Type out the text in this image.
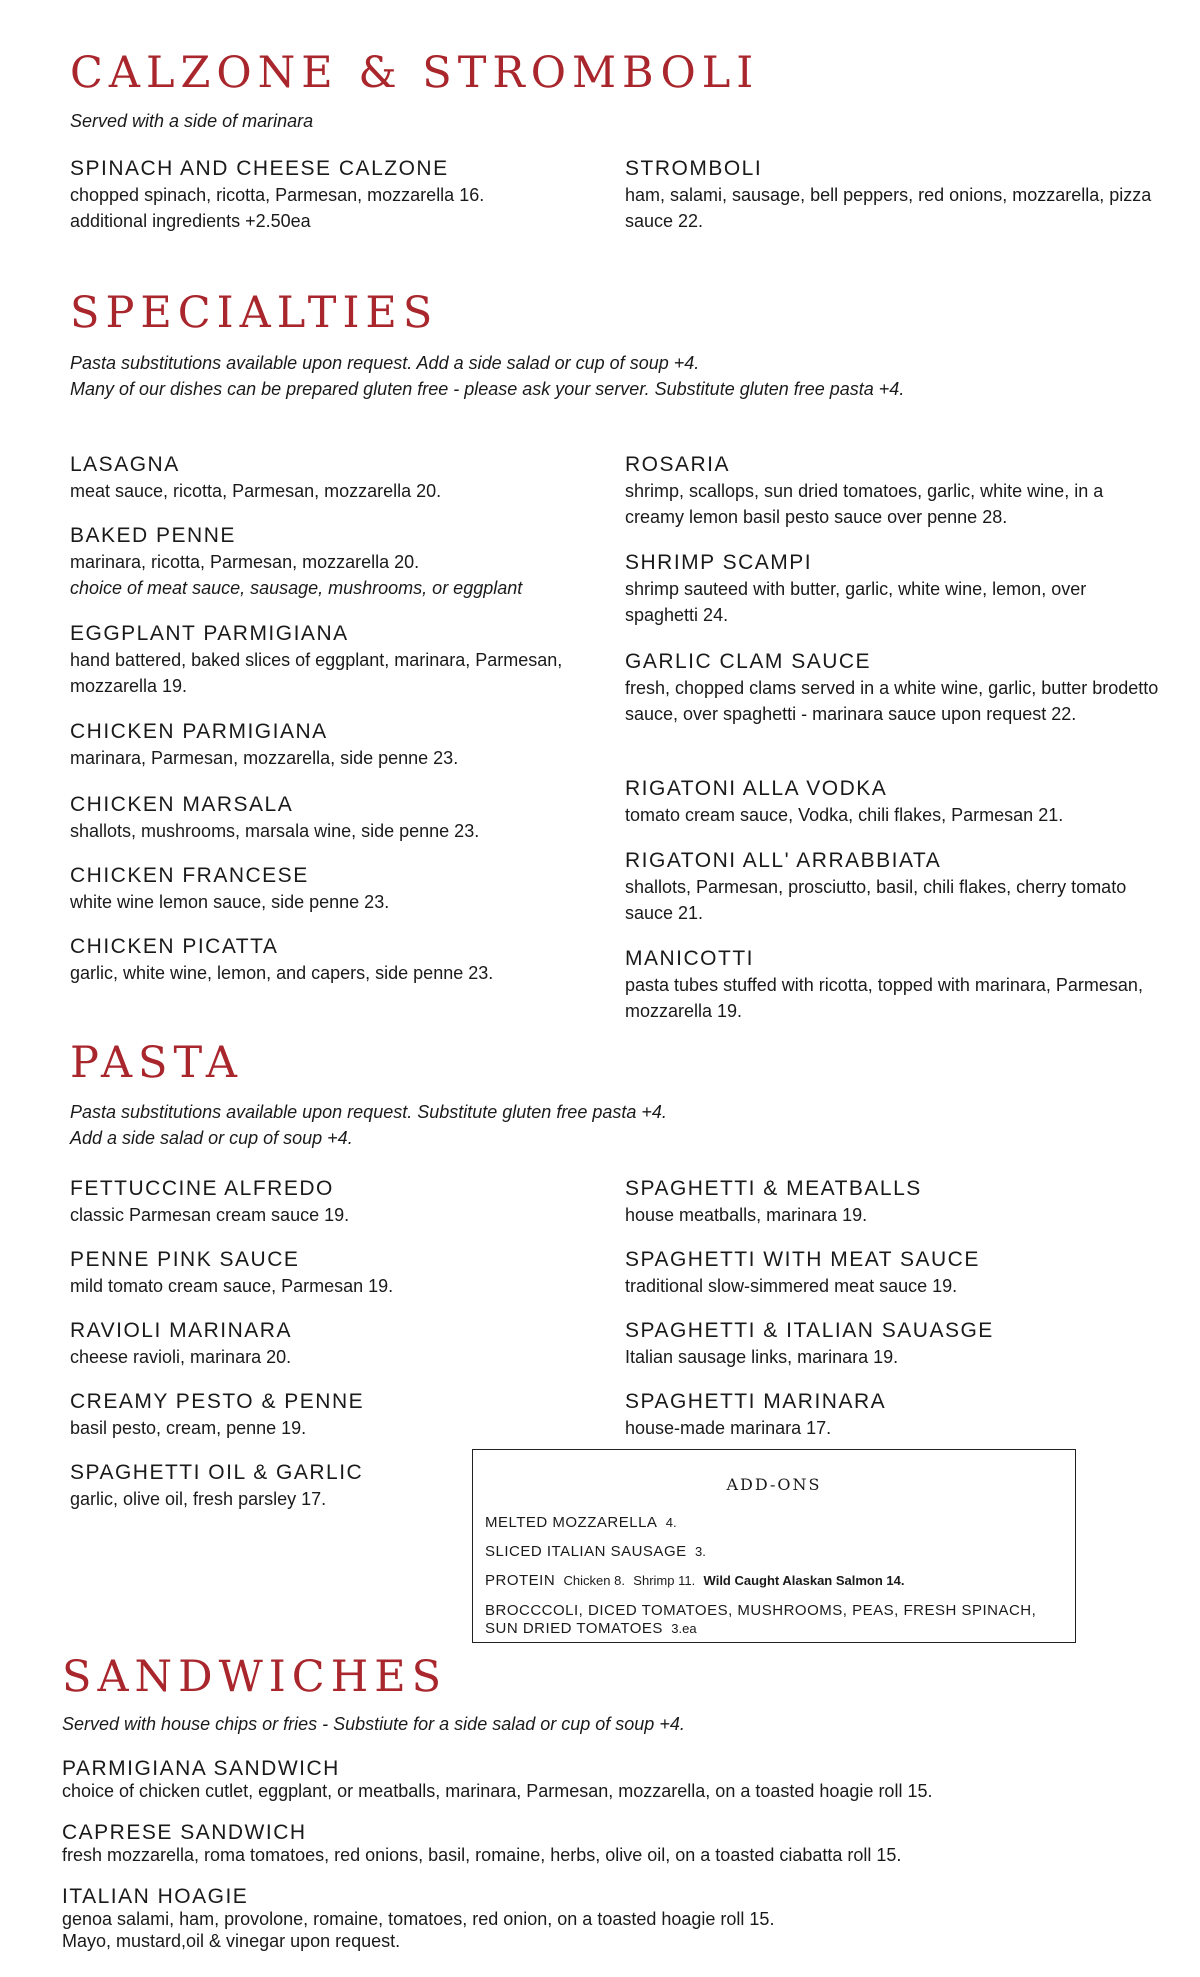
CALZONE & STROMBOLI
Served with a side of marinara
SPINACH AND CHEESE CALZONE
chopped spinach, ricotta, Parmesan, mozzarella 16.
additional ingredients +2.50ea
STROMBOLI
ham, salami, sausage, bell peppers, red onions, mozzarella, pizza sauce 22.
SPECIALTIES
Pasta substitutions available upon request. Add a side salad or cup of soup +4.
Many of our dishes can be prepared gluten free - please ask your server. Substitute gluten free pasta +4.
LASAGNA
meat sauce, ricotta, Parmesan, mozzarella 20.
BAKED PENNE
marinara, ricotta, Parmesan, mozzarella 20.
choice of meat sauce, sausage, mushrooms, or eggplant
EGGPLANT PARMIGIANA
hand battered, baked slices of eggplant, marinara, Parmesan, mozzarella 19.
CHICKEN PARMIGIANA
marinara, Parmesan, mozzarella, side penne 23.
CHICKEN MARSALA
shallots, mushrooms, marsala wine, side penne 23.
CHICKEN FRANCESE
white wine lemon sauce, side penne 23.
CHICKEN PICATTA
garlic, white wine, lemon, and capers, side penne 23.
ROSARIA
shrimp, scallops, sun dried tomatoes, garlic, white wine, in a creamy lemon basil pesto sauce over penne 28.
SHRIMP SCAMPI
shrimp sauteed with butter, garlic, white wine, lemon, over spaghetti 24.
GARLIC CLAM SAUCE
fresh, chopped clams served in a white wine, garlic, butter brodetto sauce, over spaghetti - marinara sauce upon request 22.
RIGATONI ALLA VODKA
tomato cream sauce, Vodka, chili flakes, Parmesan 21.
RIGATONI ALL' ARRABBIATA
shallots, Parmesan, prosciutto, basil, chili flakes, cherry tomato sauce 21.
MANICOTTI
pasta tubes stuffed with ricotta, topped with marinara, Parmesan, mozzarella 19.
PASTA
Pasta substitutions available upon request. Substitute gluten free pasta +4.
Add a side salad or cup of soup +4.
FETTUCCINE ALFREDO
classic Parmesan cream sauce 19.
PENNE PINK SAUCE
mild tomato cream sauce, Parmesan 19.
RAVIOLI MARINARA
cheese ravioli, marinara 20.
CREAMY PESTO & PENNE
basil pesto, cream, penne 19.
SPAGHETTI OIL & GARLIC
garlic, olive oil, fresh parsley 17.
SPAGHETTI & MEATBALLS
house meatballs, marinara 19.
SPAGHETTI WITH MEAT SAUCE
traditional slow-simmered meat sauce 19.
SPAGHETTI & ITALIAN SAUASGE
Italian sausage links, marinara 19.
SPAGHETTI MARINARA
house-made marinara 17.
ADD-ONS
MELTED MOZZARELLA 4.
SLICED ITALIAN SAUSAGE 3.
PROTEIN Chicken 8. Shrimp 11. Wild Caught Alaskan Salmon 14.
BROCCCOLI, DICED TOMATOES, MUSHROOMS, PEAS, FRESH SPINACH,
SUN DRIED TOMATOES 3.ea
SANDWICHES
Served with house chips or fries - Substiute for a side salad or cup of soup +4.
PARMIGIANA SANDWICH
choice of chicken cutlet, eggplant, or meatballs, marinara, Parmesan, mozzarella, on a toasted hoagie roll 15.
CAPRESE SANDWICH
fresh mozzarella, roma tomatoes, red onions, basil, romaine, herbs, olive oil, on a toasted ciabatta roll 15.
ITALIAN HOAGIE
genoa salami, ham, provolone, romaine, tomatoes, red onion, on a toasted hoagie roll 15.
Mayo, mustard,oil & vinegar upon request.
